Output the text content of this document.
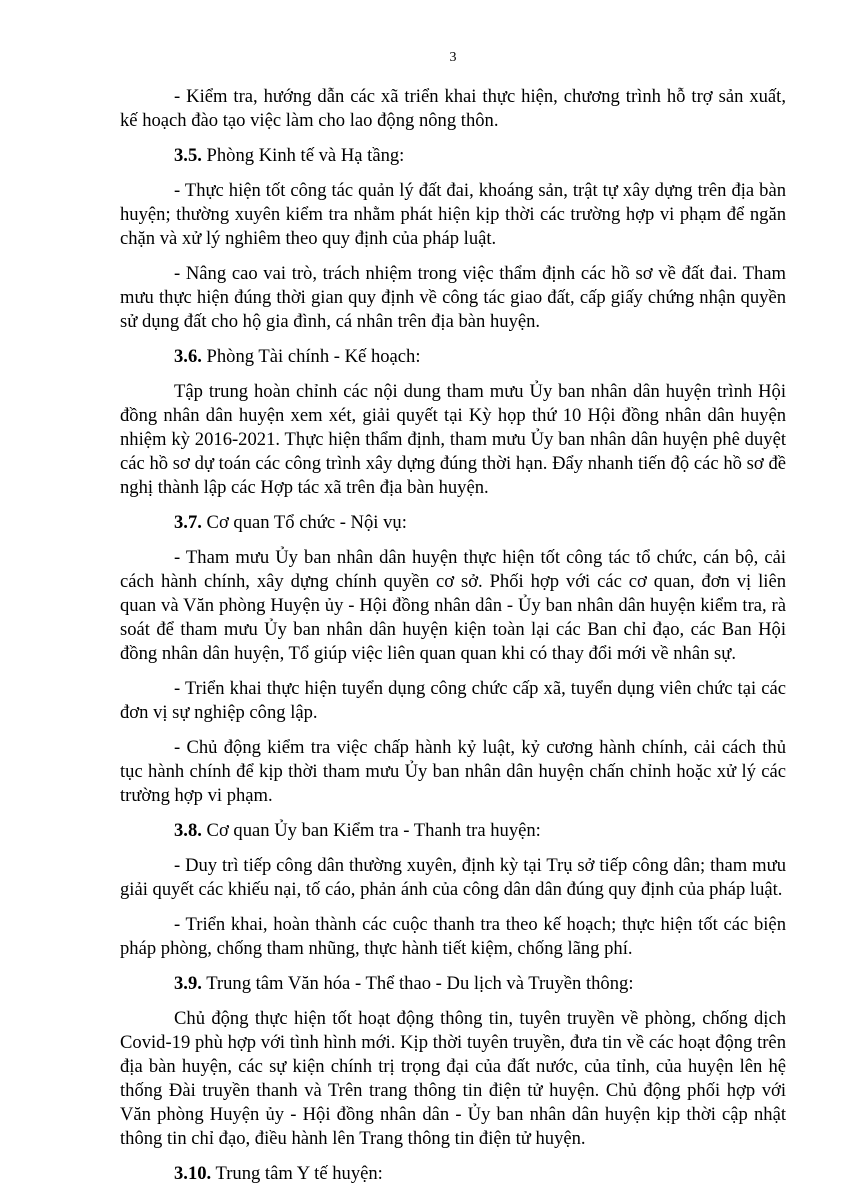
3

- Kiểm tra, hướng dẫn các xã triển khai thực hiện, chương trình hỗ trợ sản xuất, kế hoạch đào tạo việc làm cho lao động nông thôn.

3.5. Phòng Kinh tế và Hạ tầng:

- Thực hiện tốt công tác quản lý đất đai, khoáng sản, trật tự xây dựng trên địa bàn huyện; thường xuyên kiểm tra nhằm phát hiện kịp thời các trường hợp vi phạm để ngăn chặn và xử lý nghiêm theo quy định của pháp luật.

- Nâng cao vai trò, trách nhiệm trong việc thẩm định các hồ sơ về đất đai. Tham mưu thực hiện đúng thời gian quy định về công tác giao đất, cấp giấy chứng nhận quyền sử dụng đất cho hộ gia đình, cá nhân trên địa bàn huyện.

3.6. Phòng Tài chính - Kế hoạch:

Tập trung hoàn chỉnh các nội dung tham mưu Ủy ban nhân dân huyện trình Hội đồng nhân dân huyện xem xét, giải quyết tại Kỳ họp thứ 10 Hội đồng nhân dân huyện nhiệm kỳ 2016-2021. Thực hiện thẩm định, tham mưu Ủy ban nhân dân huyện phê duyệt các hồ sơ dự toán các công trình xây dựng đúng thời hạn. Đẩy nhanh tiến độ các hồ sơ đề nghị thành lập các Hợp tác xã trên địa bàn huyện.

3.7. Cơ quan Tổ chức - Nội vụ:

- Tham mưu Ủy ban nhân dân huyện thực hiện tốt công tác tổ chức, cán bộ, cải cách hành chính, xây dựng chính quyền cơ sở. Phối hợp với các cơ quan, đơn vị liên quan và Văn phòng Huyện ủy - Hội đồng nhân dân - Ủy ban nhân dân huyện kiểm tra, rà soát để tham mưu Ủy ban nhân dân huyện kiện toàn lại các Ban chỉ đạo, các Ban Hội đồng nhân dân huyện, Tổ giúp việc liên quan quan khi có thay đổi mới về nhân sự.

- Triển khai thực hiện tuyển dụng công chức cấp xã, tuyển dụng viên chức tại các đơn vị sự nghiệp công lập.

- Chủ động kiểm tra việc chấp hành kỷ luật, kỷ cương hành chính, cải cách thủ tục hành chính để kịp thời tham mưu Ủy ban nhân dân huyện chấn chỉnh hoặc xử lý các trường hợp vi phạm.

3.8. Cơ quan Ủy ban Kiểm tra - Thanh tra huyện:

- Duy trì tiếp công dân thường xuyên, định kỳ tại Trụ sở tiếp công dân; tham mưu giải quyết các khiếu nại, tố cáo, phản ánh của công dân dân đúng quy định của pháp luật.

- Triển khai, hoàn thành các cuộc thanh tra theo kế hoạch; thực hiện tốt các biện pháp phòng, chống tham nhũng, thực hành tiết kiệm, chống lãng phí.

3.9. Trung tâm Văn hóa - Thể thao - Du lịch và Truyền thông:

Chủ động thực hiện tốt hoạt động thông tin, tuyên truyền về phòng, chống dịch Covid-19 phù hợp với tình hình mới. Kịp thời tuyên truyền, đưa tin về các hoạt động trên địa bàn huyện, các sự kiện chính trị trọng đại của đất nước, của tỉnh, của huyện lên hệ thống Đài truyền thanh và Trên trang thông tin điện tử huyện. Chủ động phối hợp với Văn phòng Huyện ủy - Hội đồng nhân dân - Ủy ban nhân dân huyện kịp thời cập nhật thông tin chỉ đạo, điều hành lên Trang thông tin điện tử huyện.

3.10. Trung tâm Y tế huyện:
